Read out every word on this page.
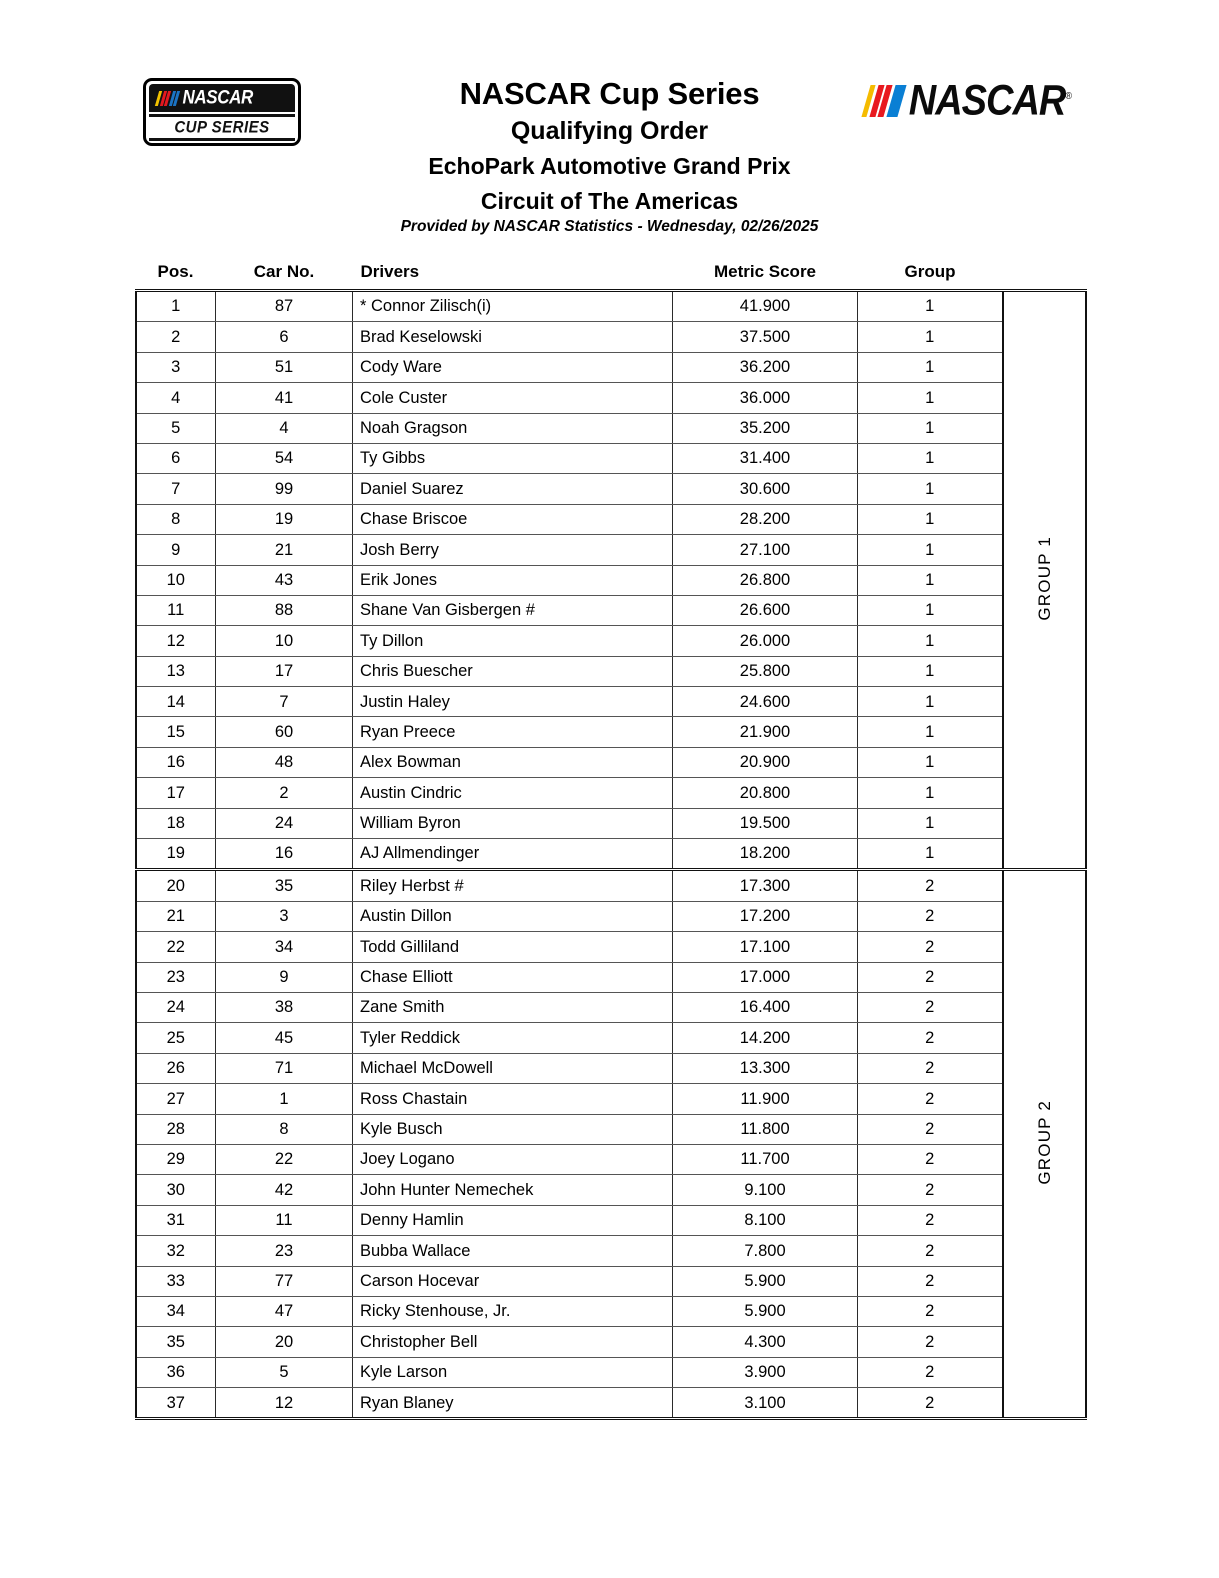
NASCAR
CUP SERIES
NASCAR®
NASCAR Cup Series
Qualifying Order
EchoPark Automotive Grand Prix
Circuit of The Americas
Provided by NASCAR Statistics - Wednesday, 02/26/2025
Pos.	Car No.	Drivers	Metric Score	Group	
1	87	* Connor Zilisch(i)	41.900	1	GROUP 1
2	6	Brad Keselowski	37.500	1	
3	51	Cody Ware	36.200	1	
4	41	Cole Custer	36.000	1	
5	4	Noah Gragson	35.200	1	
6	54	Ty Gibbs	31.400	1	
7	99	Daniel Suarez	30.600	1	
8	19	Chase Briscoe	28.200	1	
9	21	Josh Berry	27.100	1	
10	43	Erik Jones	26.800	1	
11	88	Shane Van Gisbergen #	26.600	1	
12	10	Ty Dillon	26.000	1	
13	17	Chris Buescher	25.800	1	
14	7	Justin Haley	24.600	1	
15	60	Ryan Preece	21.900	1	
16	48	Alex Bowman	20.900	1	
17	2	Austin Cindric	20.800	1	
18	24	William Byron	19.500	1	
19	16	AJ Allmendinger	18.200	1	
20	35	Riley Herbst #	17.300	2	GROUP 2
21	3	Austin Dillon	17.200	2	
22	34	Todd Gilliland	17.100	2	
23	9	Chase Elliott	17.000	2	
24	38	Zane Smith	16.400	2	
25	45	Tyler Reddick	14.200	2	
26	71	Michael McDowell	13.300	2	
27	1	Ross Chastain	11.900	2	
28	8	Kyle Busch	11.800	2	
29	22	Joey Logano	11.700	2	
30	42	John Hunter Nemechek	9.100	2	
31	11	Denny Hamlin	8.100	2	
32	23	Bubba Wallace	7.800	2	
33	77	Carson Hocevar	5.900	2	
34	47	Ricky Stenhouse, Jr.	5.900	2	
35	20	Christopher Bell	4.300	2	
36	5	Kyle Larson	3.900	2	
37	12	Ryan Blaney	3.100	2	
